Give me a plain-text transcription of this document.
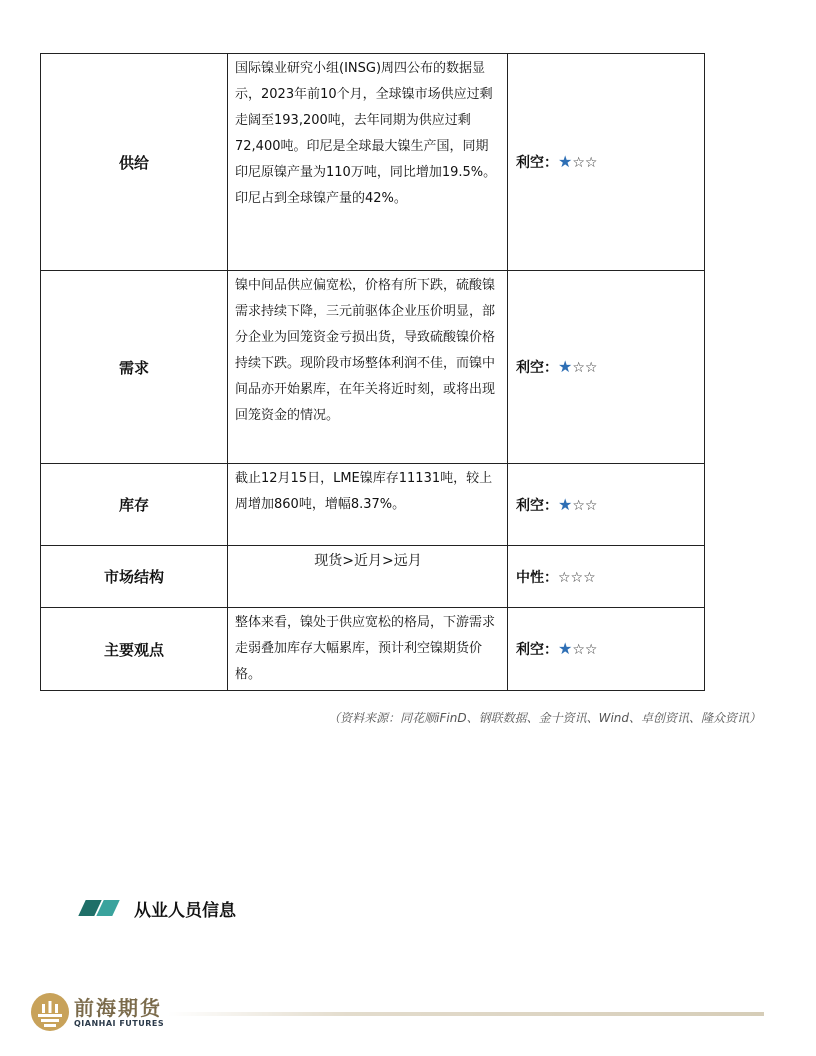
供给	国际镍业研究小组(INSG)周四公布的数据显示，2023年前10个月，全球镍市场供应过剩走阔至193,200吨，去年同期为供应过剩72,400吨。印尼是全球最大镍生产国，同期印尼原镍产量为110万吨，同比增加19.5%。印尼占到全球镍产量的42%。	利空：★☆☆
需求	镍中间品供应偏宽松，价格有所下跌，硫酸镍需求持续下降，三元前驱体企业压价明显，部分企业为回笼资金亏损出货，导致硫酸镍价格持续下跌。现阶段市场整体利润不佳，而镍中间品亦开始累库，在年关将近时刻，或将出现回笼资金的情况。	利空：★☆☆
库存	截止12月15日，LME镍库存11131吨，较上周增加860吨，增幅8.37%。	利空：★☆☆
市场结构	现货>近月>远月	中性：☆☆☆
主要观点	整体来看，镍处于供应宽松的格局，下游需求走弱叠加库存大幅累库，预计利空镍期货价格。	利空：★☆☆
（资料来源：同花顺iFinD、钢联数据、金十资讯、Wind、卓创资讯、隆众资讯）
从业人员信息
前海期货
QIANHAI FUTURES
